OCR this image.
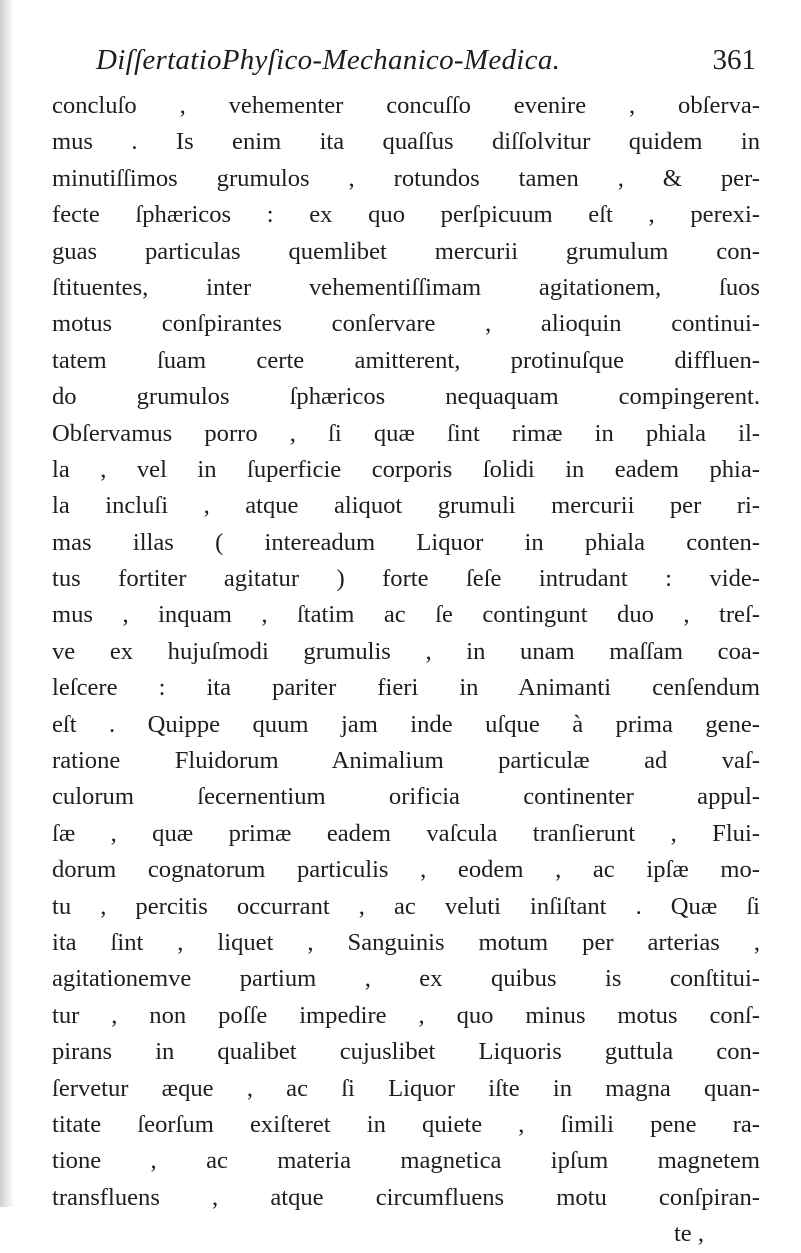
DiſſertatioPhyſico-Mechanico-Medica.	361
concluſo , vehementer concuſſo evenire , obſerva-
mus . Is enim ita quaſſus diſſolvitur quidem in
minutiſſimos grumulos , rotundos tamen , & per-
fecte ſphæricos : ex quo perſpicuum eſt , perexi-
guas particulas quemlibet mercurii grumulum con-
ſtituentes, inter vehementiſſimam agitationem, ſuos
motus conſpirantes conſervare , alioquin continui-
tatem ſuam certe amitterent, protinuſque diffluen-
do grumulos ſphæricos nequaquam compingerent.
Obſervamus porro , ſi quæ ſint rimæ in phiala il-
la , vel in ſuperficie corporis ſolidi in eadem phia-
la incluſi , atque aliquot grumuli mercurii per ri-
mas illas ( intereadum Liquor in phiala conten-
tus fortiter agitatur ) forte ſeſe intrudant : vide-
mus , inquam , ſtatim ac ſe contingunt duo , treſ-
ve ex hujuſmodi grumulis , in unam maſſam coa-
leſcere : ita pariter fieri in Animanti cenſendum
eſt . Quippe quum jam inde uſque à prima gene-
ratione Fluidorum Animalium particulæ ad vaſ-
culorum ſecernentium orificia continenter appul-
ſæ , quæ primæ eadem vaſcula tranſierunt , Flui-
dorum cognatorum particulis , eodem , ac ipſæ mo-
tu , percitis occurrant , ac veluti inſiſtant . Quæ ſi
ita ſint , liquet , Sanguinis motum per arterias ,
agitationemve partium , ex quibus is conſtitui-
tur , non poſſe impedire , quo minus motus conſ-
pirans in qualibet cujuslibet Liquoris guttula con-
ſervetur æque , ac ſi Liquor iſte in magna quan-
titate ſeorſum exiſteret in quiete , ſimili pene ra-
tione , ac materia magnetica ipſum magnetem
transfluens , atque circumfluens motu conſpiran-
te ,
